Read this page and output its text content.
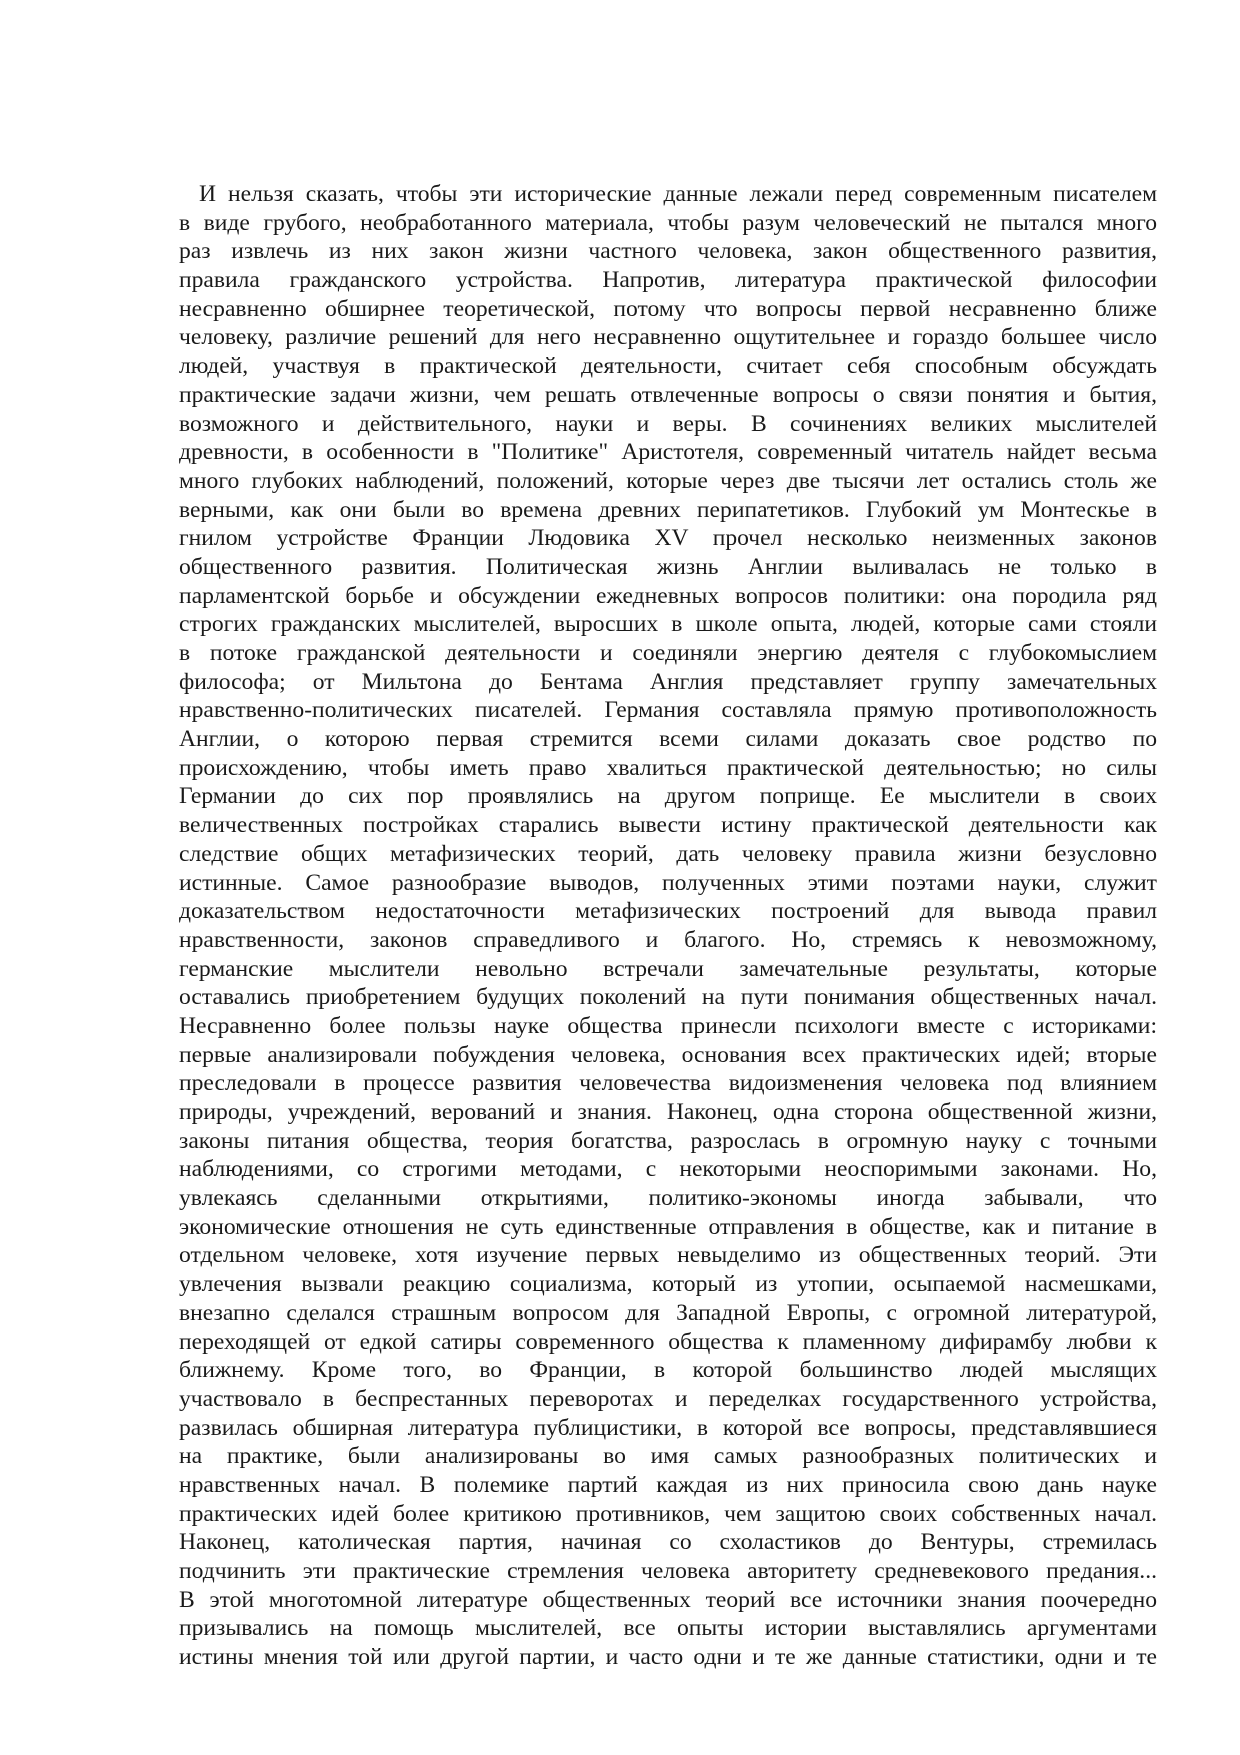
И нельзя сказать, чтобы эти исторические данные лежали перед современным писателем
в виде грубого, необработанного материала, чтобы разум человеческий не пытался много
раз извлечь из них закон жизни частного человека, закон общественного развития,
правила гражданского устройства. Напротив, литература практической философии
несравненно обширнее теоретической, потому что вопросы первой несравненно ближе
человеку, различие решений для него несравненно ощутительнее и гораздо большее число
людей, участвуя в практической деятельности, считает себя способным обсуждать
практические задачи жизни, чем решать отвлеченные вопросы о связи понятия и бытия,
возможного и действительного, науки и веры. В сочинениях великих мыслителей
древности, в особенности в "Политике" Аристотеля, современный читатель найдет весьма
много глубоких наблюдений, положений, которые через две тысячи лет остались столь же
верными, как они были во времена древних перипатетиков. Глубокий ум Монтескье в
гнилом устройстве Франции Людовика XV прочел несколько неизменных законов
общественного развития. Политическая жизнь Англии выливалась не только в
парламентской борьбе и обсуждении ежедневных вопросов политики: она породила ряд
строгих гражданских мыслителей, выросших в школе опыта, людей, которые сами стояли
в потоке гражданской деятельности и соединяли энергию деятеля с глубокомыслием
философа; от Мильтона до Бентама Англия представляет группу замечательных
нравственно-политических писателей. Германия составляла прямую противоположность
Англии, о которою первая стремится всеми силами доказать свое родство по
происхождению, чтобы иметь право хвалиться практической деятельностью; но силы
Германии до сих пор проявлялись на другом поприще. Ее мыслители в своих
величественных постройках старались вывести истину практической деятельности как
следствие общих метафизических теорий, дать человеку правила жизни безусловно
истинные. Самое разнообразие выводов, полученных этими поэтами науки, служит
доказательством недостаточности метафизических построений для вывода правил
нравственности, законов справедливого и благого. Но, стремясь к невозможному,
германские мыслители невольно встречали замечательные результаты, которые
оставались приобретением будущих поколений на пути понимания общественных начал.
Несравненно более пользы науке общества принесли психологи вместе с историками:
первые анализировали побуждения человека, основания всех практических идей; вторые
преследовали в процессе развития человечества видоизменения человека под влиянием
природы, учреждений, верований и знания. Наконец, одна сторона общественной жизни,
законы питания общества, теория богатства, разрослась в огромную науку с точными
наблюдениями, со строгими методами, с некоторыми неоспоримыми законами. Но,
увлекаясь сделанными открытиями, политико-экономы иногда забывали, что
экономические отношения не суть единственные отправления в обществе, как и питание в
отдельном человеке, хотя изучение первых невыделимо из общественных теорий. Эти
увлечения вызвали реакцию социализма, который из утопии, осыпаемой насмешками,
внезапно сделался страшным вопросом для Западной Европы, с огромной литературой,
переходящей от едкой сатиры современного общества к пламенному дифирамбу любви к
ближнему. Кроме того, во Франции, в которой большинство людей мыслящих
участвовало в беспрестанных переворотах и переделках государственного устройства,
развилась обширная литература публицистики, в которой все вопросы, представлявшиеся
на практике, были анализированы во имя самых разнообразных политических и
нравственных начал. В полемике партий каждая из них приносила свою дань науке
практических идей более критикою противников, чем защитою своих собственных начал.
Наконец, католическая партия, начиная со схоластиков до Вентуры, стремилась
подчинить эти практические стремления человека авторитету средневекового предания...
В этой многотомной литературе общественных теорий все источники знания поочередно
призывались на помощь мыслителей, все опыты истории выставлялись аргументами
истины мнения той или другой партии, и часто одни и те же данные статистики, одни и те
